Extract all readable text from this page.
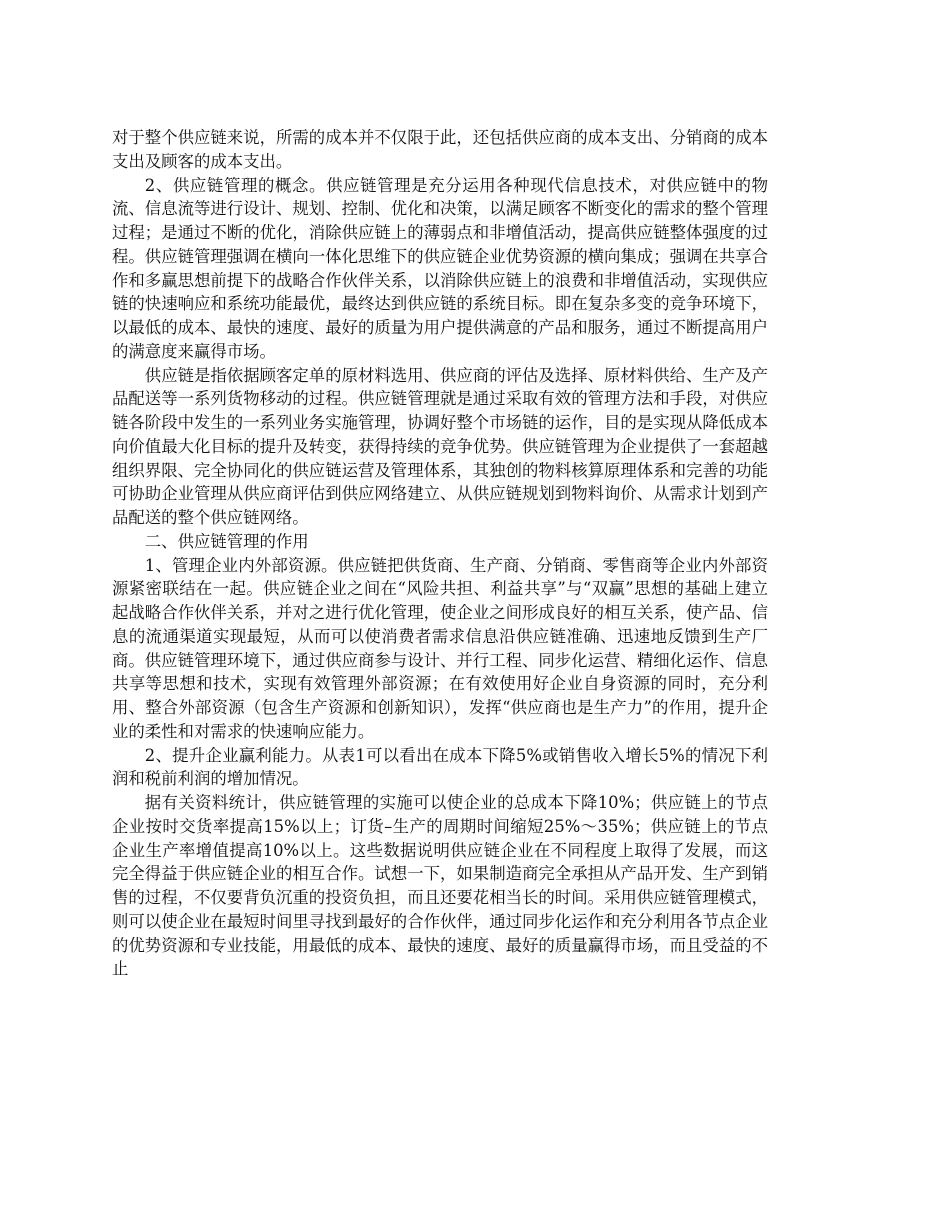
对于整个供应链来说，所需的成本并不仅限于此，还包括供应商的成本支出、分销商的成本支出及顾客的成本支出。

2、供应链管理的概念。供应链管理是充分运用各种现代信息技术，对供应链中的物流、信息流等进行设计、规划、控制、优化和决策，以满足顾客不断变化的需求的整个管理过程；是通过不断的优化，消除供应链上的薄弱点和非增值活动，提高供应链整体强度的过程。供应链管理强调在横向一体化思维下的供应链企业优势资源的横向集成；强调在共享合作和多赢思想前提下的战略合作伙伴关系，以消除供应链上的浪费和非增值活动，实现供应链的快速响应和系统功能最优，最终达到供应链的系统目标。即在复杂多变的竞争环境下，以最低的成本、最快的速度、最好的质量为用户提供满意的产品和服务，通过不断提高用户的满意度来赢得市场。

供应链是指依据顾客定单的原材料选用、供应商的评估及选择、原材料供给、生产及产品配送等一系列货物移动的过程。供应链管理就是通过采取有效的管理方法和手段，对供应链各阶段中发生的一系列业务实施管理，协调好整个市场链的运作，目的是实现从降低成本向价值最大化目标的提升及转变，获得持续的竞争优势。供应链管理为企业提供了一套超越组织界限、完全协同化的供应链运营及管理体系，其独创的物料核算原理体系和完善的功能可协助企业管理从供应商评估到供应网络建立、从供应链规划到物料询价、从需求计划到产品配送的整个供应链网络。

二、供应链管理的作用

1、管理企业内外部资源。供应链把供货商、生产商、分销商、零售商等企业内外部资源紧密联结在一起。供应链企业之间在“风险共担、利益共享”与“双赢”思想的基础上建立起战略合作伙伴关系，并对之进行优化管理，使企业之间形成良好的相互关系，使产品、信息的流通渠道实现最短，从而可以使消费者需求信息沿供应链准确、迅速地反馈到生产厂商。供应链管理环境下，通过供应商参与设计、并行工程、同步化运营、精细化运作、信息共享等思想和技术，实现有效管理外部资源；在有效使用好企业自身资源的同时，充分利用、整合外部资源（包含生产资源和创新知识），发挥“供应商也是生产力”的作用，提升企业的柔性和对需求的快速响应能力。

2、提升企业赢利能力。从表1可以看出在成本下降5%或销售收入增长5%的情况下利润和税前利润的增加情况。

据有关资料统计，供应链管理的实施可以使企业的总成本下降10%；供应链上的节点企业按时交货率提高15%以上；订货–生产的周期时间缩短25%～35%；供应链上的节点企业生产率增值提高10%以上。这些数据说明供应链企业在不同程度上取得了发展，而这完全得益于供应链企业的相互合作。试想一下，如果制造商完全承担从产品开发、生产到销售的过程，不仅要背负沉重的投资负担，而且还要花相当长的时间。采用供应链管理模式，则可以使企业在最短时间里寻找到最好的合作伙伴，通过同步化运作和充分利用各节点企业的优势资源和专业技能，用最低的成本、最快的速度、最好的质量赢得市场，而且受益的不止
